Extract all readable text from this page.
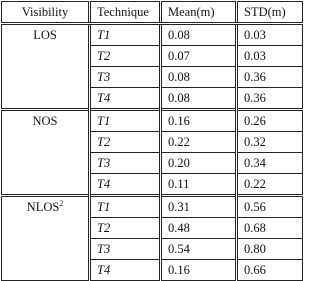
Visibility	Technique	Mean(m)	STD(m)
LOS	T1	0.08	0.03
	T2	0.07	0.03
	T3	0.08	0.36
	T4	0.08	0.36
NOS	T1	0.16	0.26
	T2	0.22	0.32
	T3	0.20	0.34
	T4	0.11	0.22
NLOS$^2$	T1	0.31	0.56
	T2	0.48	0.68
	T3	0.54	0.80
	T4	0.16	0.66
